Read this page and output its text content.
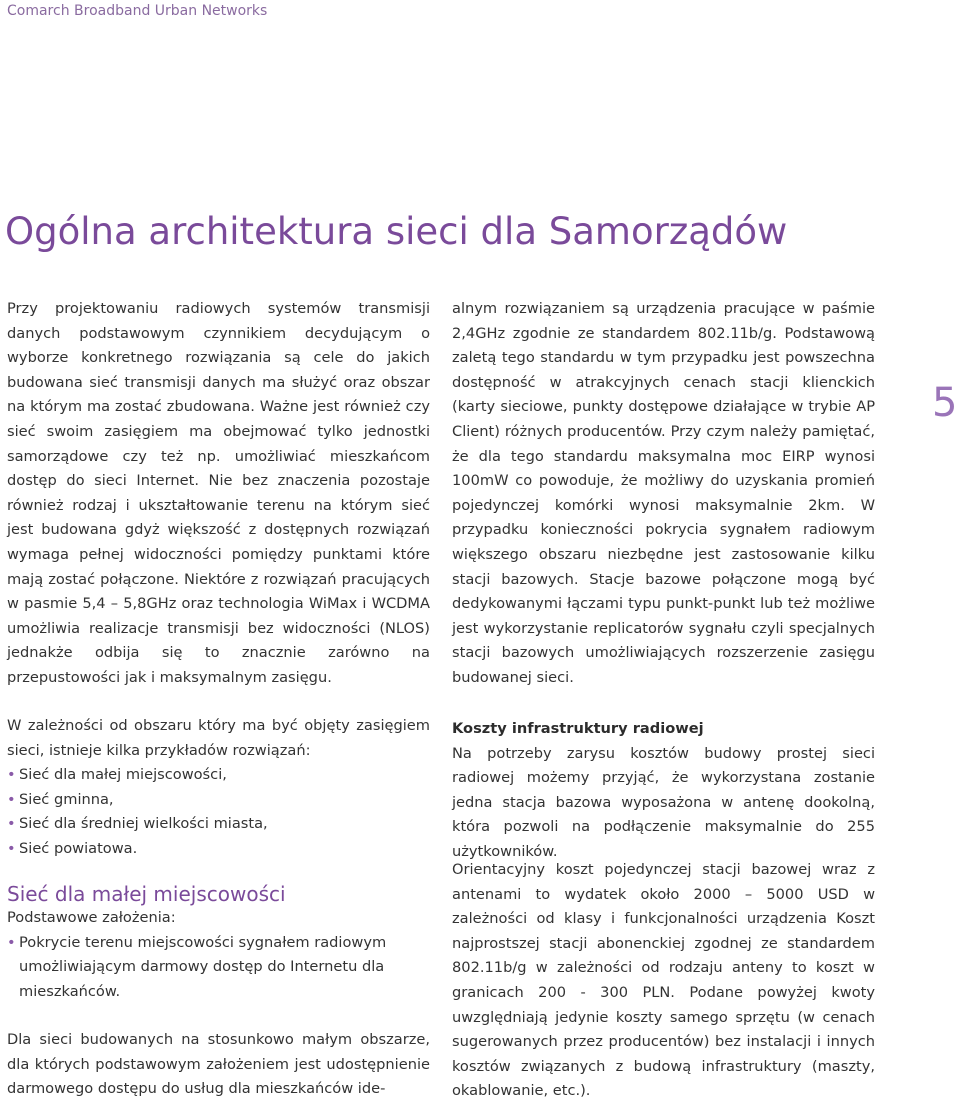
Comarch Broadband Urban Networks
5
Ogólna architektura sieci dla Samorządów

Przy projektowaniu radiowych systemów transmisji danych podstawowym czynnikiem decydującym o wyborze konkretnego rozwiązania są cele do jakich budowana sieć transmisji danych ma służyć oraz obszar na którym ma zostać zbudowana. Ważne jest również czy sieć swoim zasięgiem ma obejmować tylko jednostki samorządowe czy też np. umożliwiać mieszkańcom dostęp do sieci Internet. Nie bez znaczenia pozostaje również rodzaj i ukształtowanie terenu na którym sieć jest budowana gdyż większość z dostępnych rozwiązań wymaga pełnej widoczności pomiędzy punktami które mają zostać połączone. Niektóre z rozwiązań pracujących w pasmie 5,4 – 5,8GHz oraz technologia WiMax i WCDMA umożliwia realizacje transmisji bez widoczności (NLOS) jednakże odbija się to znacznie zarówno na przepustowości jak i maksymalnym zasięgu.

W zależności od obszaru który ma być objęty zasięgiem sieci, istnieje kilka przykładów rozwiązań:

• Sieć dla małej miejscowości,
• Sieć gminna,
• Sieć dla średniej wielkości miasta,
• Sieć powiatowa.
Sieć dla małej miejscowości

Podstawowe założenia:

• Pokrycie terenu miejscowości sygnałem radiowym umożliwiającym darmowy dostęp do Internetu dla mieszkańców.

Dla sieci budowanych na stosunkowo małym obszarze, dla których podstawowym założeniem jest udostępnienie darmowego dostępu do usług dla mieszkańców ide-

alnym rozwiązaniem są urządzenia pracujące w paśmie 2,4GHz zgodnie ze standardem 802.11b/g. Podstawową zaletą tego standardu w tym przypadku jest powszechna dostępność w atrakcyjnych cenach stacji klienckich (karty sieciowe, punkty dostępowe działające w trybie AP Client) różnych producentów. Przy czym należy pamiętać, że dla tego standardu maksymalna moc EIRP wynosi 100mW co powoduje, że możliwy do uzyskania promień pojedynczej komórki wynosi maksymalnie 2km. W przypadku konieczności pokrycia sygnałem radiowym większego obszaru niezbędne jest zastosowanie kilku stacji bazowych. Stacje bazowe połączone mogą być dedykowanymi łączami typu punkt-punkt lub też możliwe jest wykorzystanie replicatorów sygnału czyli specjalnych stacji bazowych umożliwiających rozszerzenie zasięgu budowanej sieci.

Koszty infrastruktury radiowej

Na potrzeby zarysu kosztów budowy prostej sieci radiowej możemy przyjąć, że wykorzystana zostanie jedna stacja bazowa wyposażona w antenę dookolną, która pozwoli na podłączenie maksymalnie do 255 użytkowników.

Orientacyjny koszt pojedynczej stacji bazowej wraz z antenami to wydatek około 2000 – 5000 USD w zależności od klasy i funkcjonalności urządzenia Koszt najprostszej stacji abonenckiej zgodnej ze standardem 802.11b/g w zależności od rodzaju anteny to koszt w granicach 200 - 300 PLN. Podane powyżej kwoty uwzględniają jedynie koszty samego sprzętu (w cenach sugerowanych przez producentów) bez instalacji i innych kosztów związanych z budową infrastruktury (maszty, okablowanie, etc.).
